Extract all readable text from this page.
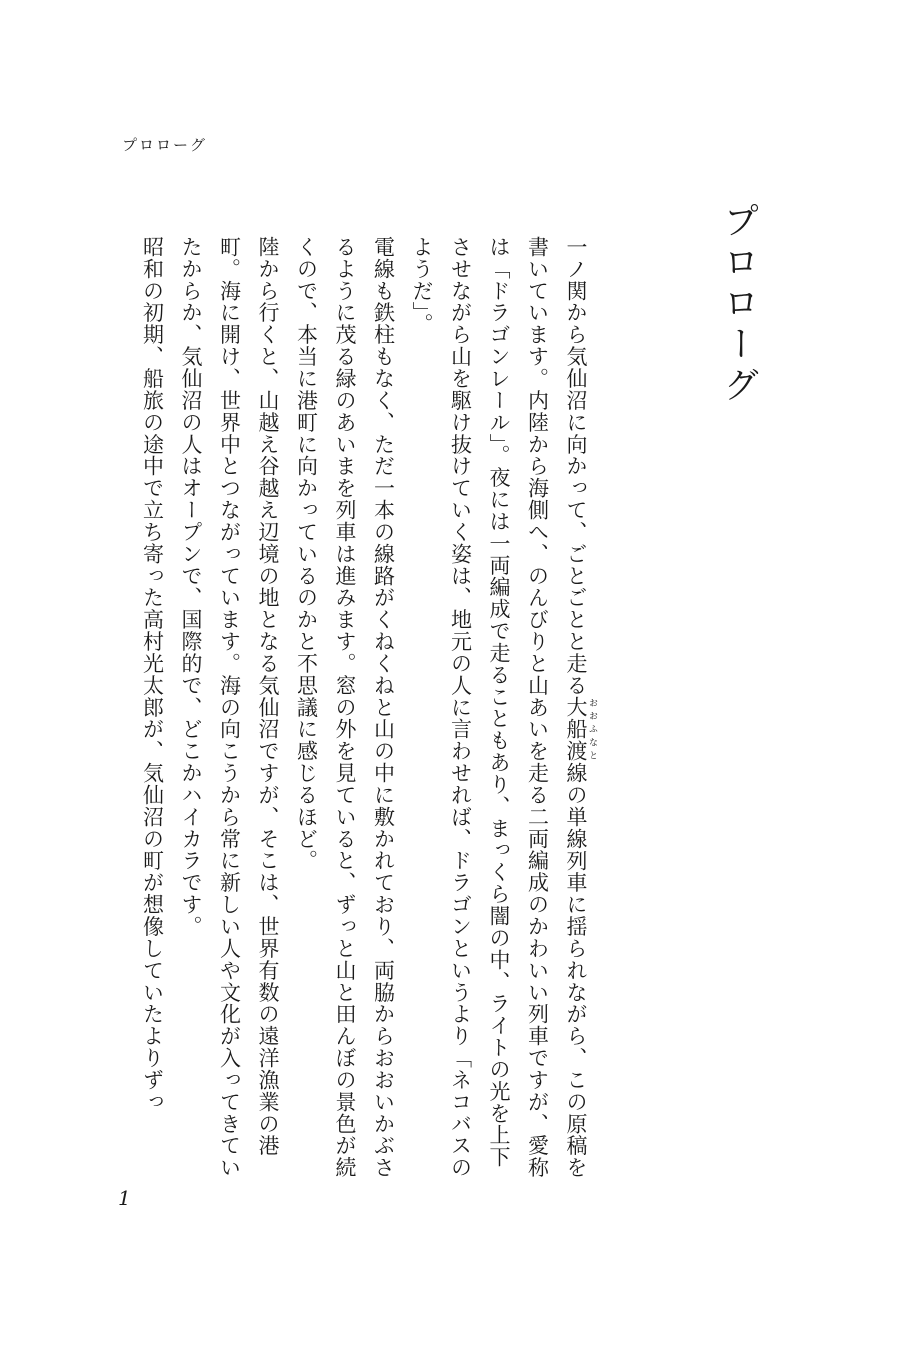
プロローグ
プロローグ

一ノ関から気仙沼に向かって、ごとごとと走る大船渡 おおふなと線の単線列車に揺られながら、この原稿を書いています。内陸から海側へ、のんびりと山あいを走る二両編成のかわいい列車ですが、愛称は「ドラゴンレール」。夜には一両編成で走ることもあり、まっくら闇の中、ライトの光を上下させながら山を駆け抜けていく姿は、地元の人に言わせれば、ドラゴンというより「ネコバスのようだ」。

電線も鉄柱もなく、ただ一本の線路がくねくねと山の中に敷かれており、両脇からおおいかぶさるように茂る緑のあいまを列車は進みます。窓の外を見ていると、ずっと山と田んぼの景色が続くので、本当に港町に向かっているのかと不思議に感じるほど。

陸から行くと、山越え谷越え辺境の地となる気仙沼ですが、そこは、世界有数の遠洋漁業の港町。海に開け、世界中とつながっています。海の向こうから常に新しい人や文化が入ってきていたからか、気仙沼の人はオープンで、国際的で、どこかハイカラです。

昭和の初期、船旅の途中で立ち寄った高村光太郎が、気仙沼の町が想像していたよりずっ

1
